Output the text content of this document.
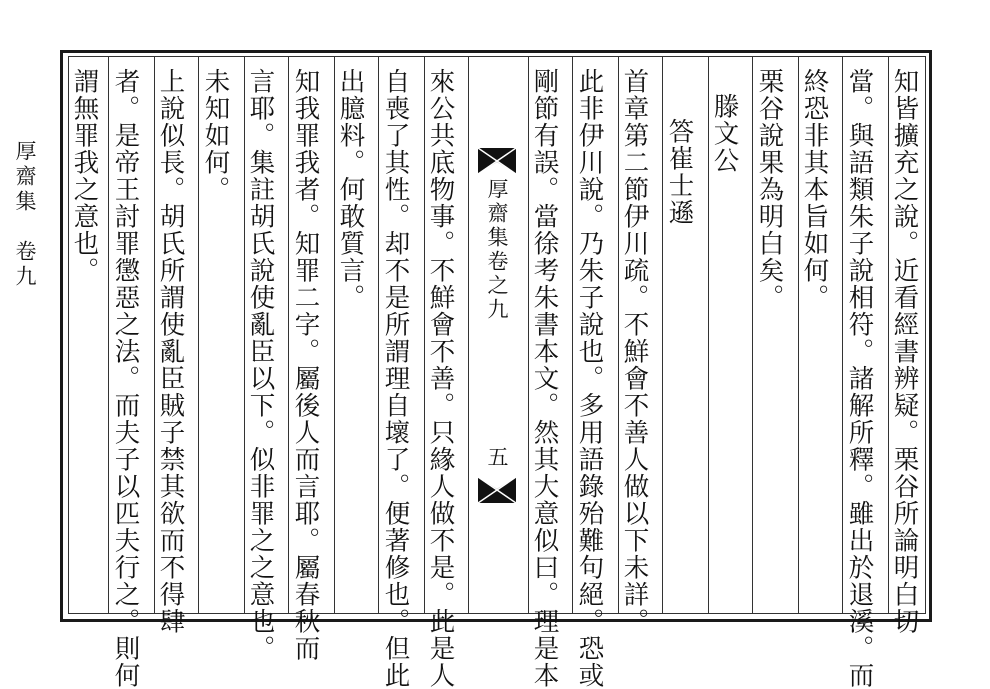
厚齋集　卷九	厚齋集卷之九
五	知皆擴充之說。近看經書辨疑。栗谷所論明白切
當。與語類朱子說相符。諸解所釋。雖出於退溪。而
終恐非其本旨如何。
栗谷說果為明白矣。
滕文公
答崔士遜
首章第二節伊川疏。不鮮會不善人做以下未詳。
此非伊川說。乃朱子說也。多用語錄殆難句絕。恐或
剛節有誤。當徐考朱書本文。然其大意似曰。理是本
來公共底物事。不鮮會不善。只緣人做不是。此是人
自喪了其性。却不是所謂理自壞了。便著修也。但此
出臆料。何敢質言。
知我罪我者。知罪二字。屬後人而言耶。屬春秋而
言耶。集註胡氏說使亂臣以下。似非罪之之意也。
未知如何。
上說似長。胡氏所謂使亂臣賊子禁其欲而不得肆
者。是帝王討罪懲惡之法。而夫子以匹夫行之。則何
謂無罪我之意也。
